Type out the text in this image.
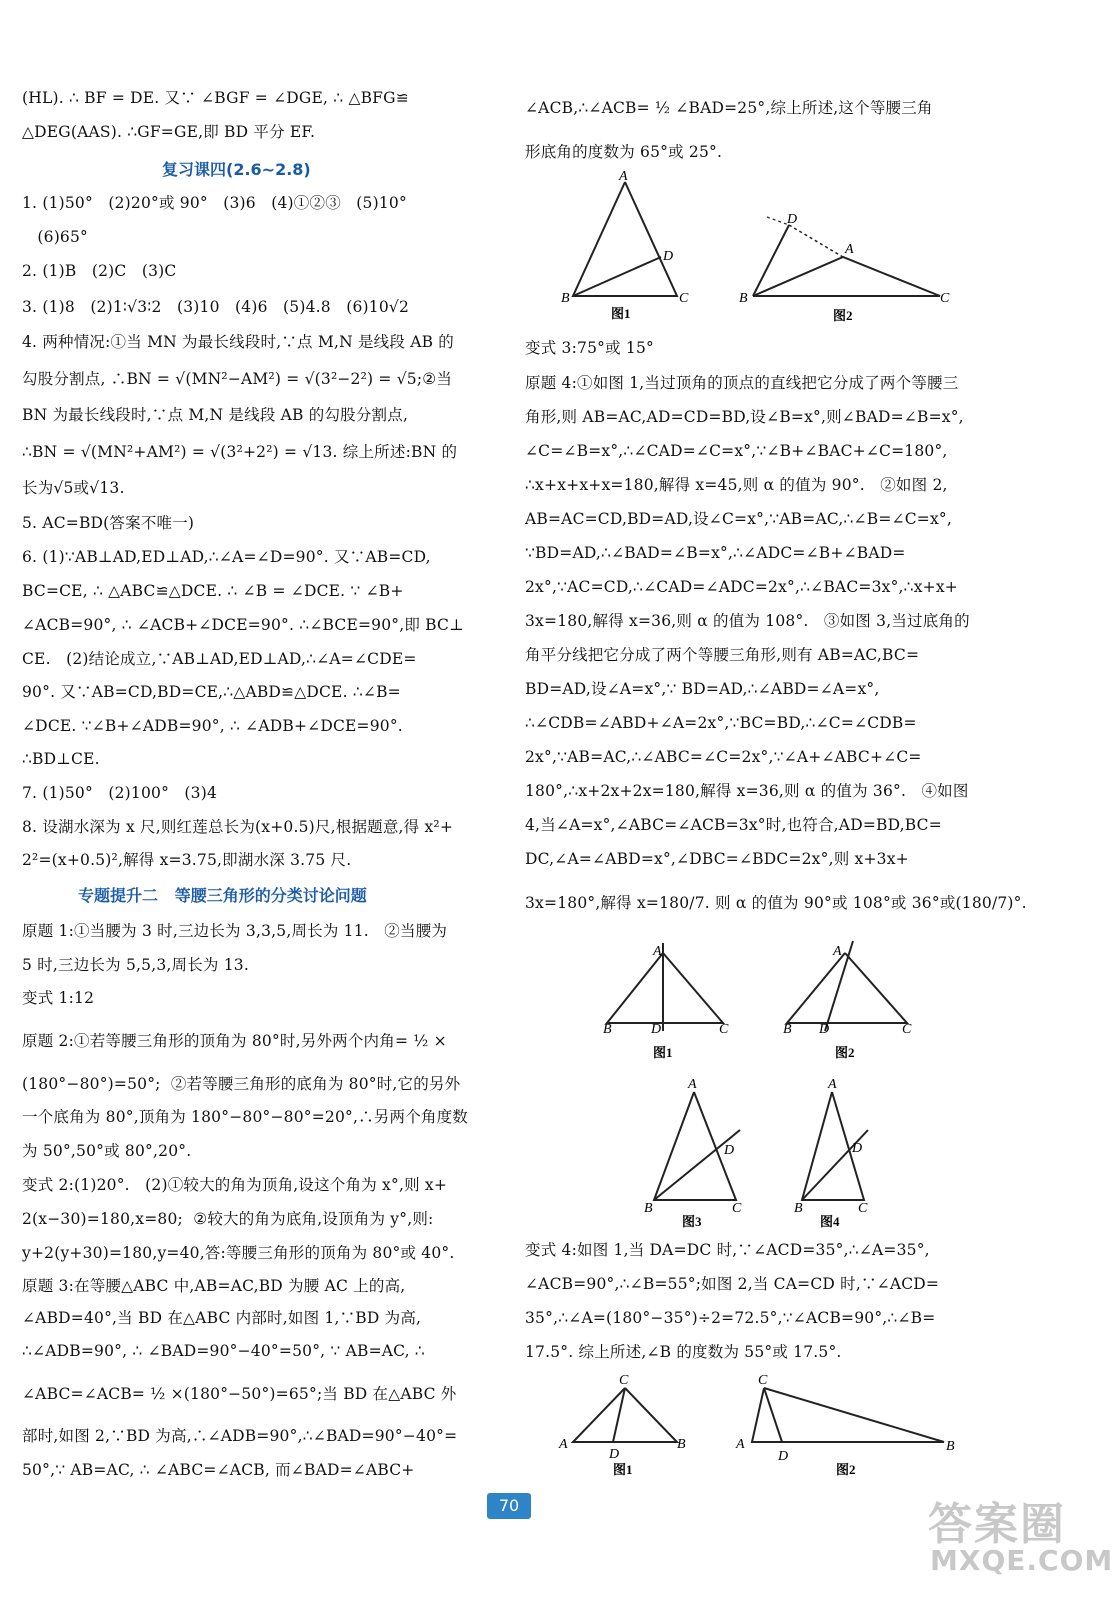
(HL). ∴ BF = DE. 又∵ ∠BGF = ∠DGE, ∴ △BFG≌
△DEG(AAS). ∴GF=GE,即 BD 平分 EF.
复习课四(2.6~2.8)
1. (1)50°   (2)20°或 90°   (3)6   (4)①②③   (5)10°
(6)65°
2. (1)B   (2)C   (3)C
3. (1)8   (2)1∶√3∶2   (3)10   (4)6   (5)4.8   (6)10√2
4. 两种情况:①当 MN 为最长线段时,∵点 M,N 是线段 AB 的
勾股分割点, ∴BN = √(MN²−AM²) = √(3²−2²) = √5;②当
BN 为最长线段时,∵点 M,N 是线段 AB 的勾股分割点,
∴BN = √(MN²+AM²) = √(3²+2²) = √13. 综上所述:BN 的
长为√5或√13.
5. AC=BD(答案不唯一)
6. (1)∵AB⊥AD,ED⊥AD,∴∠A=∠D=90°. 又∵AB=CD,
BC=CE, ∴ △ABC≌△DCE. ∴ ∠B = ∠DCE. ∵ ∠B+
∠ACB=90°, ∴ ∠ACB+∠DCE=90°. ∴∠BCE=90°,即 BC⊥
CE.   (2)结论成立,∵AB⊥AD,ED⊥AD,∴∠A=∠CDE=
90°. 又∵AB=CD,BD=CE,∴△ABD≌△DCE. ∴∠B=
∠DCE. ∵∠B+∠ADB=90°, ∴ ∠ADB+∠DCE=90°.
∴BD⊥CE.
7. (1)50°   (2)100°   (3)4
8. 设湖水深为 x 尺,则红莲总长为(x+0.5)尺,根据题意,得 x²+
2²=(x+0.5)²,解得 x=3.75,即湖水深 3.75 尺.
专题提升二   等腰三角形的分类讨论问题
原题 1:①当腰为 3 时,三边长为 3,3,5,周长为 11.   ②当腰为
5 时,三边长为 5,5,3,周长为 13.
变式 1:12
原题 2:①若等腰三角形的顶角为 80°时,另外两个内角= ½ ×
(180°−80°)=50°;  ②若等腰三角形的底角为 80°时,它的另外
一个底角为 80°,顶角为 180°−80°−80°=20°,∴另两个角度数
为 50°,50°或 80°,20°.
变式 2:(1)20°.   (2)①较大的角为顶角,设这个角为 x°,则 x+
2(x−30)=180,x=80;  ②较大的角为底角,设顶角为 y°,则:
y+2(y+30)=180,y=40,答:等腰三角形的顶角为 80°或 40°.
原题 3:在等腰△ABC 中,AB=AC,BD 为腰 AC 上的高,
∠ABD=40°,当 BD 在△ABC 内部时,如图 1,∵BD 为高,
∴∠ADB=90°, ∴ ∠BAD=90°−40°=50°, ∵ AB=AC, ∴
∠ABC=∠ACB= ½ ×(180°−50°)=65°;当 BD 在△ABC 外
部时,如图 2,∵BD 为高,∴∠ADB=90°,∴∠BAD=90°−40°=
50°,∵ AB=AC, ∴ ∠ABC=∠ACB, 而∠BAD=∠ABC+
∠ACB,∴∠ACB= ½ ∠BAD=25°,综上所述,这个等腰三角
形底角的度数为 65°或 25°.
变式 3:75°或 15°
原题 4:①如图 1,当过顶角的顶点的直线把它分成了两个等腰三
角形,则 AB=AC,AD=CD=BD,设∠B=x°,则∠BAD=∠B=x°,
∠C=∠B=x°,∴∠CAD=∠C=x°,∵∠B+∠BAC+∠C=180°,
∴x+x+x+x=180,解得 x=45,则 α 的值为 90°.   ②如图 2,
AB=AC=CD,BD=AD,设∠C=x°,∵AB=AC,∴∠B=∠C=x°,
∵BD=AD,∴∠BAD=∠B=x°,∴∠ADC=∠B+∠BAD=
2x°,∵AC=CD,∴∠CAD=∠ADC=2x°,∴∠BAC=3x°,∴x+x+
3x=180,解得 x=36,则 α 的值为 108°.   ③如图 3,当过底角的
角平分线把它分成了两个等腰三角形,则有 AB=AC,BC=
BD=AD,设∠A=x°,∵ BD=AD,∴∠ABD=∠A=x°,
∴∠CDB=∠ABD+∠A=2x°,∵BC=BD,∴∠C=∠CDB=
2x°,∵AB=AC,∴∠ABC=∠C=2x°,∵∠A+∠ABC+∠C=
180°,∴x+2x+2x=180,解得 x=36,则 α 的值为 36°.   ④如图
4,当∠A=x°,∠ABC=∠ACB=3x°时,也符合,AD=BD,BC=
DC,∠A=∠ABD=x°,∠DBC=∠BDC=2x°,则 x+3x+
3x=180°,解得 x=180/7. 则 α 的值为 90°或 108°或 36°或(180/7)°.
变式 4:如图 1,当 DA=DC 时,∵∠ACD=35°,∴∠A=35°,
∠ACB=90°,∴∠B=55°;如图 2,当 CA=CD 时,∵∠ACD=
35°,∴∠A=(180°−35°)÷2=72.5°,∵∠ACB=90°,∴∠B=
17.5°. 综上所述,∠B 的度数为 55°或 17.5°.
A
B	C
D
图1
D
A
B	C
图2
A
B	D	C
图1
A
B D	C
图2
A
B	C
D
图3
A
B	C
D
图4
C
A
D
B
图1
C
A
D
B
图2
70	答案圈
MXQE.COM
